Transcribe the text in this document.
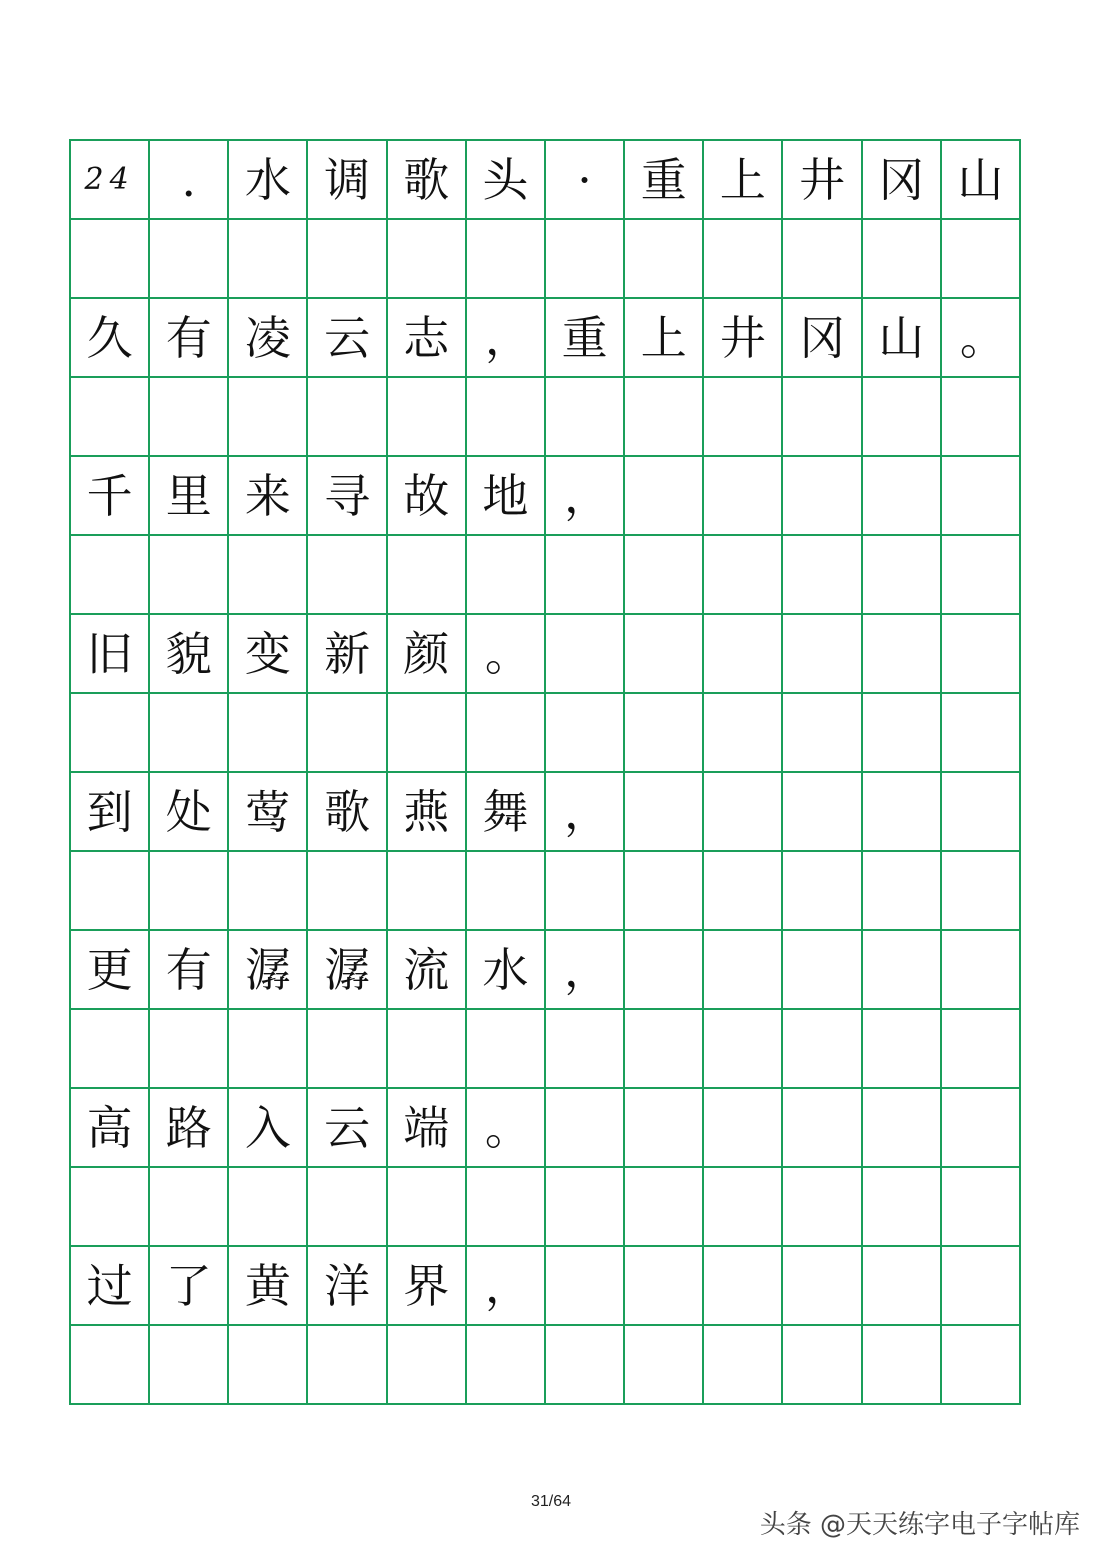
24	.	水 调 歌 头	·	重 上 井 冈 山
久 有 凌 云 志 ， 重 上 井 冈 山 。
千 里 来 寻 故 地 ，
旧 貌 变 新 颜 。
到 处 莺 歌 燕 舞 ，
更 有 潺 潺 流 水 ，
高 路 入 云 端 。
过 了 黄 洋 界 ，
31/64
头条 @天天练字电子字帖库
